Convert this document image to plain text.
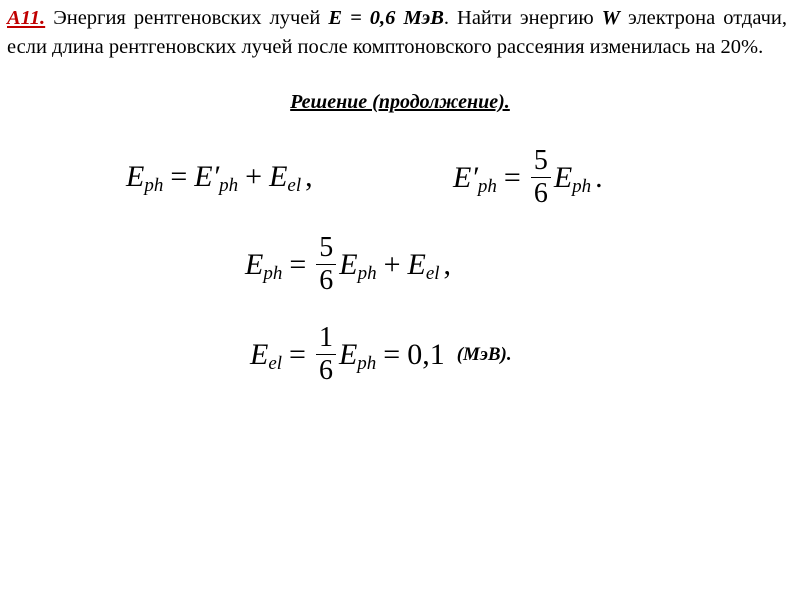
А11. Энергия рентгеновских лучей E = 0,6 МэВ. Найти энергию W электрона отдачи, если длина рентгеновских лучей после комптоновского рассеяния изменилась на 20%.

Решение (продолжение).
E ph = E′ ph + E el ,	E′ ph = $\frac{5}{6}$ E ph .
E ph = $\frac{5}{6}$ E ph + E el ,
E el = $\frac{1}{6}$ E ph = 0,1 (МэВ).
